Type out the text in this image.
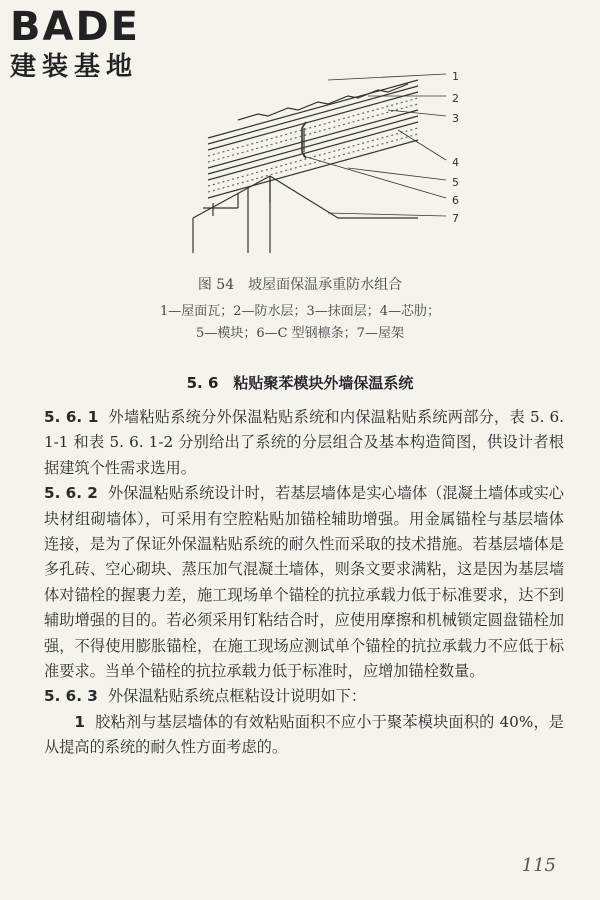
BADE
建装基地	1
2
3
4
5
6
7
图 54　坡屋面保温承重防水组合
1—屋面瓦；2—防水层；3—抹面层；4—芯肋；
5—模块；6—C 型钢檩条；7—屋架
5. 6　粘贴聚苯模块外墙保温系统

5. 6. 1 外墙粘贴系统分外保温粘贴系统和内保温粘贴系统两部分，表 5. 6. 1-1 和表 5. 6. 1-2 分别给出了系统的分层组合及基本构造简图，供设计者根据建筑个性需求选用。

5. 6. 2 外保温粘贴系统设计时，若基层墙体是实心墙体（混凝土墙体或实心块材组砌墙体），可采用有空腔粘贴加锚栓辅助增强。用金属锚栓与基层墙体连接，是为了保证外保温粘贴系统的耐久性而采取的技术措施。若基层墙体是多孔砖、空心砌块、蒸压加气混凝土墙体，则条文要求满粘，这是因为基层墙体对锚栓的握裹力差，施工现场单个锚栓的抗拉承载力低于标准要求，达不到辅助增强的目的。若必须采用钉粘结合时，应使用摩擦和机械锁定圆盘锚栓加强，不得使用膨胀锚栓，在施工现场应测试单个锚栓的抗拉承载力不应低于标准要求。当单个锚栓的抗拉承载力低于标准时，应增加锚栓数量。

5. 6. 3 外保温粘贴系统点框粘设计说明如下：

1 胶粘剂与基层墙体的有效粘贴面积不应小于聚苯模块面积的 40%，是从提高的系统的耐久性方面考虑的。

115
